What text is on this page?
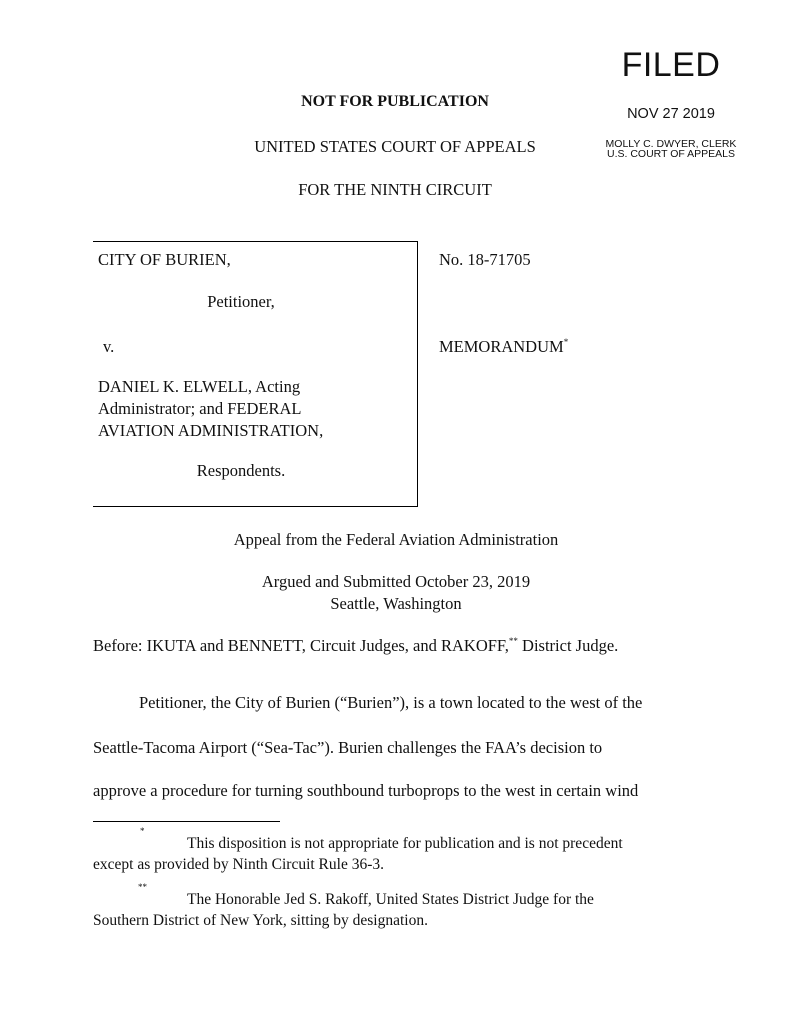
FILED
NOV 27 2019
MOLLY C. DWYER, CLERK
U.S. COURT OF APPEALS
NOT FOR PUBLICATION
UNITED STATES COURT OF APPEALS
FOR THE NINTH CIRCUIT
CITY OF BURIEN,
Petitioner,
v.
DANIEL K. ELWELL, Acting
Administrator; and FEDERAL
AVIATION ADMINISTRATION,
Respondents.
No. 18-71705
MEMORANDUM*
Appeal from the Federal Aviation Administration
Argued and Submitted October 23, 2019
Seattle, Washington
Before: IKUTA and BENNETT, Circuit Judges, and RAKOFF,** District Judge.
Petitioner, the City of Burien (“Burien”), is a town located to the west of the
Seattle-Tacoma Airport (“Sea-Tac”). Burien challenges the FAA’s decision to
approve a procedure for turning southbound turboprops to the west in certain wind
*
This disposition is not appropriate for publication and is not precedent
except as provided by Ninth Circuit Rule 36-3.
**
The Honorable Jed S. Rakoff, United States District Judge for the
Southern District of New York, sitting by designation.
